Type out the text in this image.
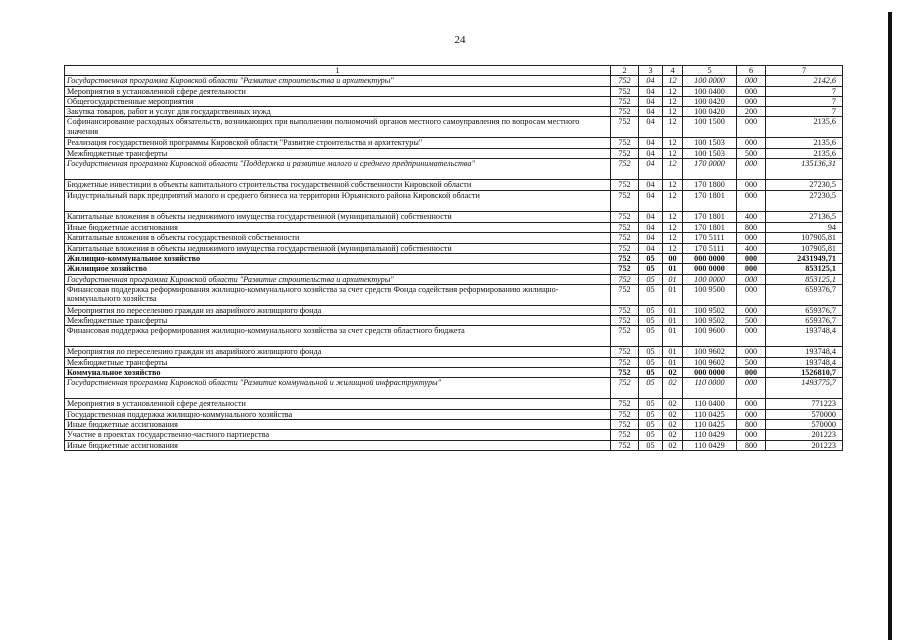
24
1	2	3	4	5	6	7
Государственная программа Кировской области "Развитие строительства и архитектуры"	752	04	12	100 0000	000	2142,6
Мероприятия в установленной сфере деятельности	752	04	12	100 0400	000	7
Общегосударственные мероприятия	752	04	12	100 0420	000	7
Закупка товаров, работ и услуг для государственных нужд	752	04	12	100 0420	200	7
Софинансирование расходных обязательств, возникающих при выполнении полномочий органов местного самоуправления по вопросам местного значения	752	04	12	100 1500	000	2135,6
Реализация государственной программы Кировской области "Развитие строительства и архитектуры"	752	04	12	100 1503	000	2135,6
Межбюджетные трансферты	752	04	12	100 1503	500	2135,6
Государственная программа Кировской области "Поддержка и развитие малого и среднего предпринимательства"	752	04	12	170 0000	000	135136,31
Бюджетные инвестиции в объекты капитального строительства государственной собственности Кировской области	752	04	12	170 1800	000	27230,5
Индустриальный парк предприятий малого и среднего бизнеса на территории Юрьянского района Кировской области	752	04	12	170 1801	000	27230,5
Капитальные вложения в объекты недвижимого имущества государственной (муниципальной) собственности	752	04	12	170 1801	400	27136,5
Иные бюджетные ассигнования	752	04	12	170 1801	800	94
Капитальные вложения в объекты государственной собственности	752	04	12	170 5111	000	107905,81
Капитальные вложения в объекты недвижимого имущества государственной (муниципальной) собственности	752	04	12	170 5111	400	107905,81
Жилищно-коммунальное хозяйство	752	05	00	000 0000	000	2431949,71
Жилищное хозяйство	752	05	01	000 0000	000	853125,1
Государственная программа Кировской области "Развитие строительства и архитектуры"	752	05	01	100 0000	000	853125,1
Финансовая поддержка реформирования жилищно-коммунального хозяйства за счет средств Фонда содействия реформированию жилищно-коммунального хозяйства	752	05	01	100 9500	000	659376,7
Мероприятия по переселению граждан из аварийного жилищного фонда	752	05	01	100 9502	000	659376,7
Межбюджетные трансферты	752	05	01	100 9502	500	659376,7
Финансовая поддержка реформирования жилищно-коммунального хозяйства за счет средств областного бюджета	752	05	01	100 9600	000	193748,4
Мероприятия по переселению граждан из аварийного жилищного фонда	752	05	01	100 9602	000	193748,4
Межбюджетные трансферты	752	05	01	100 9602	500	193748,4
Коммунальное хозяйство	752	05	02	000 0000	000	1526810,7
Государственная программа Кировской области "Развитие коммунальной и жилищной инфраструктуры"	752	05	02	110 0000	000	1493775,7
Мероприятия в установленной сфере деятельности	752	05	02	110 0400	000	771223
Государственная поддержка жилищно-коммунального хозяйства	752	05	02	110 0425	000	570000
Иные бюджетные ассигнования	752	05	02	110 0425	800	570000
Участие в проектах государственно-частного партнерства	752	05	02	110 0429	000	201223
Иные бюджетные ассигнования	752	05	02	110 0429	800	201223
